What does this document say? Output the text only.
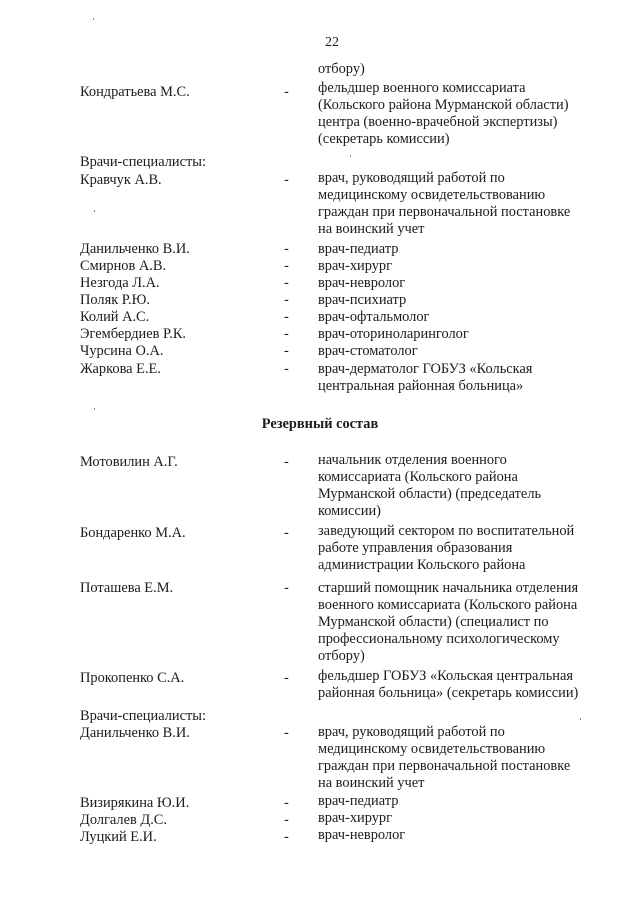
22
отбору)
Кондратьева М.С.	- фельдшер военного комиссариата
(Кольского района Мурманской области)
центра (военно-врачебной экспертизы)
(секретарь комиссии)
Врачи-специалисты:
Кравчук А.В.	- врач, руководящий работой по
медицинскому освидетельствованию
граждан при первоначальной постановке
на воинский учет
Данильченко В.И.	- врач-педиатр
Смирнов А.В.	- врач-хирург
Незгода Л.А.	- врач-невролог
Поляк Р.Ю.	- врач-психиатр
Колий А.С.	- врач-офтальмолог
Эгембердиев Р.К.	- врач-оториноларинголог
Чурсина О.А.	- врач-стоматолог
Жаркова Е.Е.	- врач-дерматолог ГОБУЗ «Кольская
центральная районная больница»
Резервный состав
Мотовилин А.Г.	- начальник отделения военного
комиссариата (Кольского района
Мурманской области) (председатель
комиссии)
Бондаренко М.А.	- заведующий сектором по воспитательной
работе управления образования
администрации Кольского района
Поташева Е.М.	- старший помощник начальника отделения
военного комиссариата (Кольского района
Мурманской области) (специалист по
профессиональному психологическому
отбору)
Прокопенко С.А.	- фельдшер ГОБУЗ «Кольская центральная
районная больница» (секретарь комиссии)
Врачи-специалисты:
Данильченко В.И.	- врач, руководящий работой по
медицинскому освидетельствованию
граждан при первоначальной постановке
на воинский учет
Визирякина Ю.И.	- врач-педиатр
Долгалев Д.С.	- врач-хирург
Луцкий Е.И.	- врач-невролог
